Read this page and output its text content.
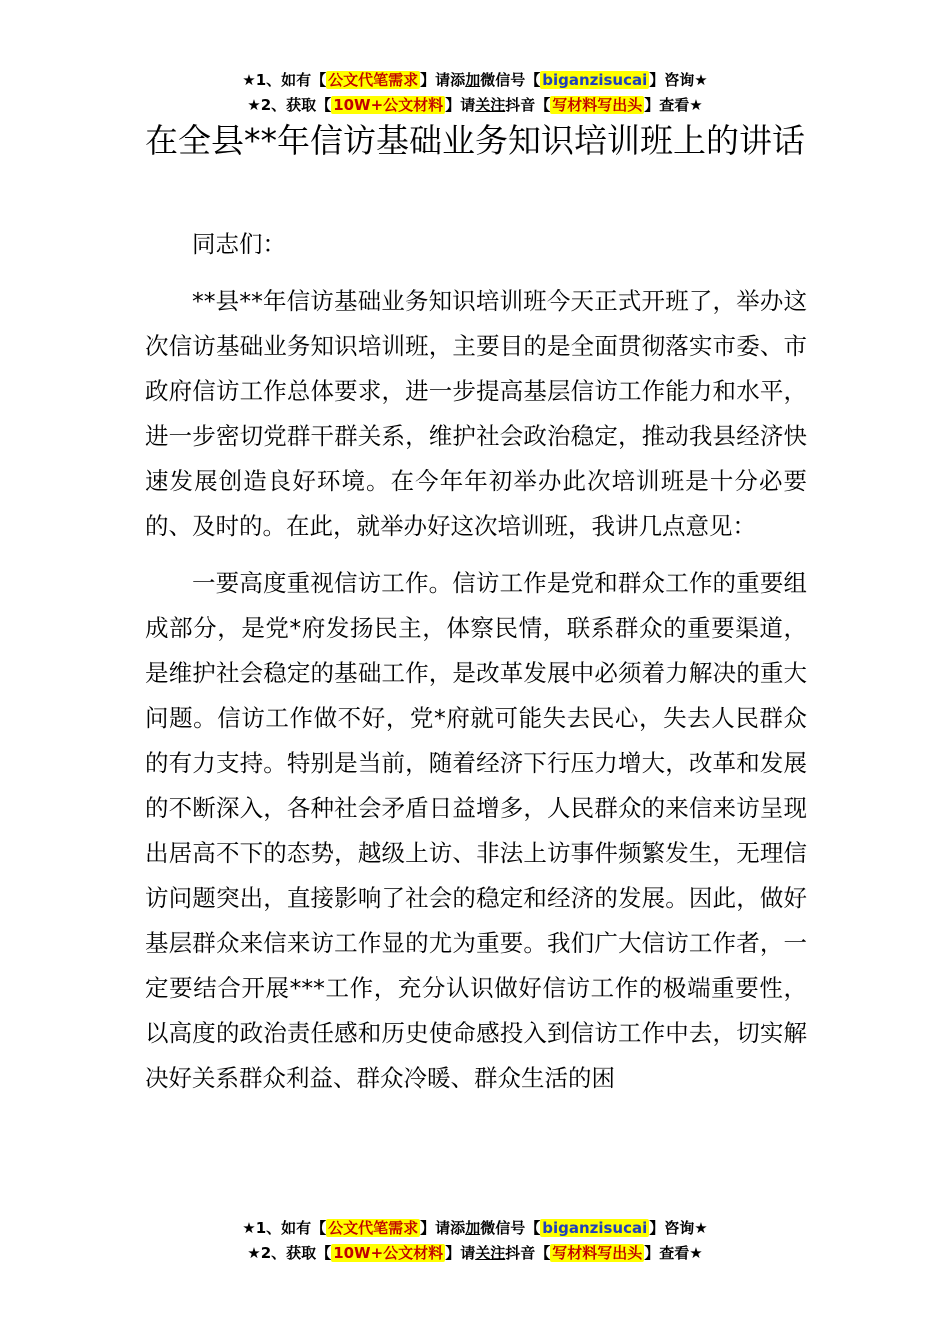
★1、如有【 公文代笔需求 】请添加微信号【 biganzisucai 】咨询★
★2、获取【 10W+公文材料 】请关注抖音【 写材料写出头 】查看★
在全县**年信访基础业务知识培训班上的讲话

同志们：

**县**年信访基础业务知识培训班今天正式开班了，举办这次信访基础业务知识培训班，主要目的是全面贯彻落实市委、市政府信访工作总体要求，进一步提高基层信访工作能力和水平，进一步密切党群干群关系，维护社会政治稳定，推动我县经济快速发展创造良好环境。在今年年初举办此次培训班是十分必要的、及时的。在此，就举办好这次培训班，我讲几点意见：

一要高度重视信访工作。信访工作是党和群众工作的重要组成部分，是党*府发扬民主，体察民情，联系群众的重要渠道，是维护社会稳定的基础工作，是改革发展中必须着力解决的重大问题。信访工作做不好，党*府就可能失去民心，失去人民群众的有力支持。特别是当前，随着经济下行压力增大，改革和发展的不断深入，各种社会矛盾日益增多，人民群众的来信来访呈现出居高不下的态势，越级上访、非法上访事件频繁发生，无理信访问题突出，直接影响了社会的稳定和经济的发展。因此，做好基层群众来信来访工作显的尤为重要。我们广大信访工作者，一定要结合开展***工作，充分认识做好信访工作的极端重要性，以高度的政治责任感和历史使命感投入到信访工作中去，切实解决好关系群众利益、群众冷暖、群众生活的困

★1、如有【 公文代笔需求 】请添加微信号【 biganzisucai 】咨询★
★2、获取【 10W+公文材料 】请关注抖音【 写材料写出头 】查看★
